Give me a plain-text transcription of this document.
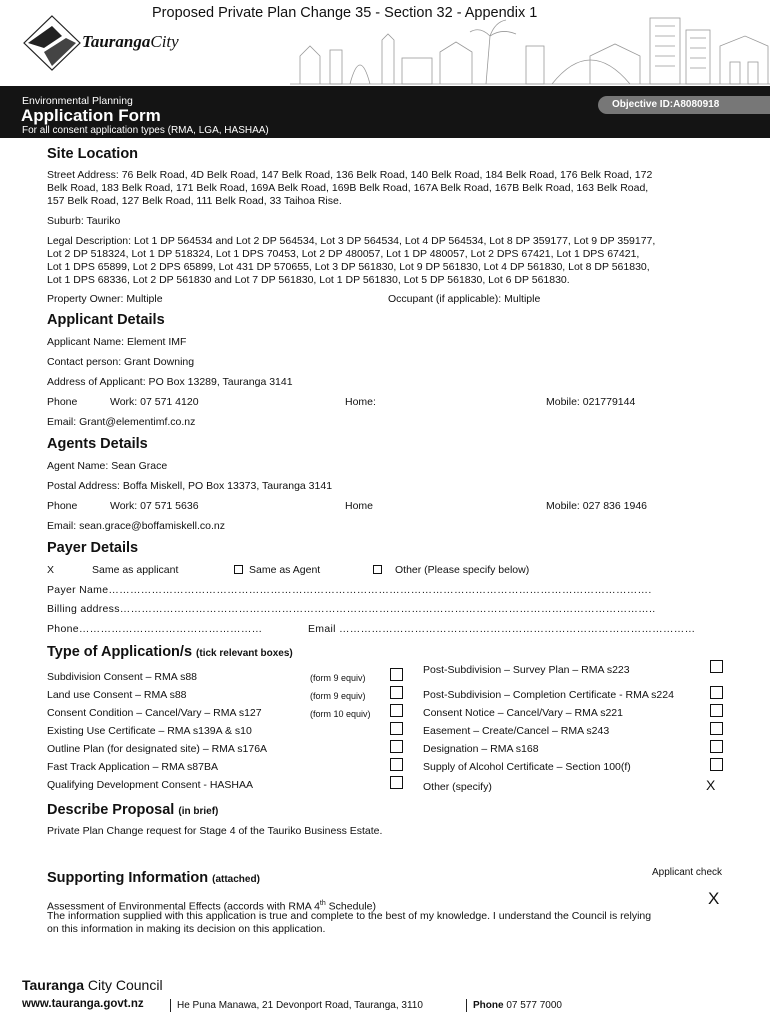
Proposed Private Plan Change 35 - Section 32 - Appendix 1
TaurangaCity
Environmental Planning
Application Form
For all consent application types (RMA, LGA, HASHAA)
Objective ID:A8080918
Site Location
Street Address: 76 Belk Road, 4D Belk Road, 147 Belk Road, 136 Belk Road, 140 Belk Road, 184 Belk Road, 176 Belk Road, 172
Belk Road, 183 Belk Road, 171 Belk Road, 169A Belk Road, 169B Belk Road, 167A Belk Road, 167B Belk Road, 163 Belk Road,
157 Belk Road, 127 Belk Road, 111 Belk Road, 33 Taihoa Rise.
Suburb: Tauriko
Legal Description: Lot 1 DP 564534 and Lot 2 DP 564534, Lot 3 DP 564534, Lot 4 DP 564534, Lot 8 DP 359177, Lot 9 DP 359177,
Lot 2 DP 518324, Lot 1 DP 518324, Lot 1 DPS 70453, Lot 2 DP 480057, Lot 1 DP 480057, Lot 2 DPS 67421, Lot 1 DPS 67421,
Lot 1 DPS 65899, Lot 2 DPS 65899, Lot 431 DP 570655, Lot 3 DP 561830, Lot 9 DP 561830, Lot 4 DP 561830, Lot 8 DP 561830,
Lot 1 DPS 68336, Lot 2 DP 561830 and Lot 7 DP 561830, Lot 1 DP 561830, Lot 5 DP 561830, Lot 6 DP 561830.
Property Owner: Multiple	Occupant (if applicable): Multiple
Applicant Details
Applicant Name: Element IMF
Contact person: Grant Downing
Address of Applicant: PO Box 13289, Tauranga 3141
Phone	Work: 07 571 4120	Home:	Mobile: 021779144
Email: Grant@elementimf.co.nz
Agents Details
Agent Name: Sean Grace
Postal Address: Boffa Miskell, PO Box 13373, Tauranga 3141
Phone	Work: 07 571 5636	Home	Mobile: 027 836 1946
Email: sean.grace@boffamiskell.co.nz
Payer Details
X	Same as applicant	Same as Agent	Other (Please specify below)
Payer Name…………………………………………………………………………………………………………………………………….
Billing address…………………………………………………………………………………………………………………………………..
Phone……………………………………………	Email ………………………………………………………………………………………
Type of Application/s (tick relevant boxes)
Subdivision Consent – RMA s88	(form 9 equiv)
Land use Consent – RMA s88	(form 9 equiv)
Consent Condition – Cancel/Vary – RMA s127	(form 10 equiv)
Existing Use Certificate – RMA s139A & s10
Outline Plan (for designated site) – RMA s176A
Fast Track Application – RMA s87BA
Qualifying Development Consent - HASHAA
Post-Subdivision – Survey Plan – RMA s223
Post-Subdivision – Completion Certificate - RMA s224
Consent Notice – Cancel/Vary – RMA s221
Easement – Create/Cancel – RMA s243
Designation – RMA s168
Supply of Alcohol Certificate – Section 100(f)
Other (specify)	X
Describe Proposal (in brief)
Private Plan Change request for Stage 4 of the Tauriko Business Estate.
Applicant check
Supporting Information (attached)
Assessment of Environmental Effects (accords with RMA 4th Schedule)	X
The information supplied with this application is true and complete to the best of my knowledge. I understand the Council is relying
on this information in making its decision on this application.
Tauranga City Council
www.tauranga.govt.nz	He Puna Manawa, 21 Devonport Road, Tauranga, 3110	Phone 07 577 7000
